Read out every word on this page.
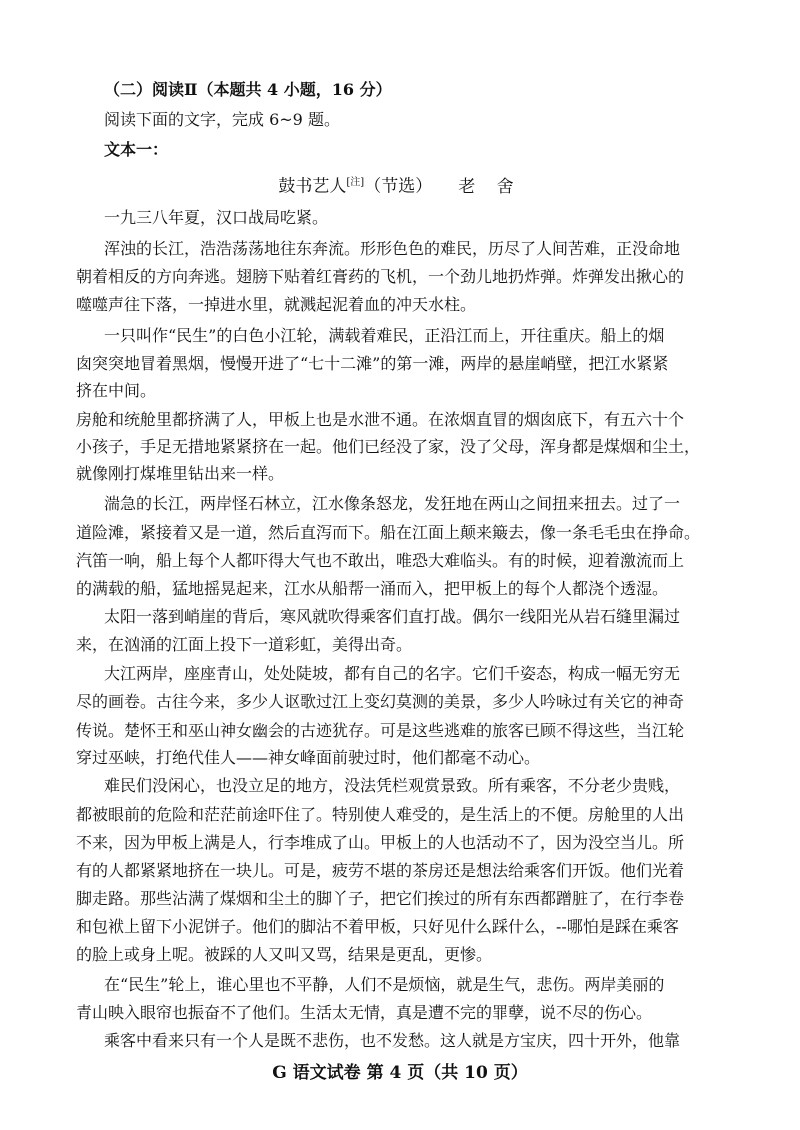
（二）阅读Ⅱ（本题共 4 小题，16 分）
阅读下面的文字，完成 6~9 题。
文本一：
鼓书艺人[注]（节选） 老 舍
一九三八年夏，汉口战局吃紧。
浑浊的长江，浩浩荡荡地往东奔流。形形色色的难民，历尽了人间苦难，正没命地
朝着相反的方向奔逃。翅膀下贴着红膏药的飞机，一个劲儿地扔炸弹。炸弹发出揪心的
噬噬声往下落，一掉进水里，就溅起泥着血的冲天水柱。
一只叫作“民生”的白色小江轮，满载着难民，正沿江而上，开往重庆。船上的烟
囱突突地冒着黑烟，慢慢开进了“七十二滩”的第一滩，两岸的悬崖峭壁，把江水紧紧
挤在中间。
房舱和统舱里都挤满了人，甲板上也是水泄不通。在浓烟直冒的烟囱底下，有五六十个
小孩子，手足无措地紧紧挤在一起。他们已经没了家，没了父母，浑身都是煤烟和尘土，
就像刚打煤堆里钻出来一样。
湍急的长江，两岸怪石林立，江水像条怒龙，发狂地在两山之间扭来扭去。过了一
道险滩，紧接着又是一道，然后直泻而下。船在江面上颠来簸去，像一条毛毛虫在挣命。
汽笛一响，船上每个人都吓得大气也不敢出，唯恐大难临头。有的时候，迎着激流而上
的满载的船，猛地摇晃起来，江水从船帮一涌而入，把甲板上的每个人都浇个透湿。
太阳一落到峭崖的背后，寒风就吹得乘客们直打战。偶尔一线阳光从岩石缝里漏过
来，在汹涌的江面上投下一道彩虹，美得出奇。
大江两岸，座座青山，处处陡坡，都有自己的名字。它们千姿态，构成一幅无穷无
尽的画卷。古往今来，多少人讴歌过江上变幻莫测的美景，多少人吟咏过有关它的神奇
传说。楚怀王和巫山神女幽会的古迹犹存。可是这些逃难的旅客已顾不得这些，当江轮
穿过巫峡，打绝代佳人——神女峰面前驶过时，他们都毫不动心。
难民们没闲心，也没立足的地方，没法凭栏观赏景致。所有乘客，不分老少贵贱，
都被眼前的危险和茫茫前途吓住了。特别使人难受的，是生活上的不便。房舱里的人出
不来，因为甲板上满是人，行李堆成了山。甲板上的人也活动不了，因为没空当儿。所
有的人都紧紧地挤在一块儿。可是，疲劳不堪的茶房还是想法给乘客们开饭。他们光着
脚走路。那些沾满了煤烟和尘土的脚丫子，把它们挨过的所有东西都蹭脏了，在行李卷
和包袱上留下小泥饼子。他们的脚沾不着甲板，只好见什么踩什么，--哪怕是踩在乘客
的脸上或身上呢。被踩的人又叫又骂，结果是更乱，更惨。
在“民生”轮上，谁心里也不平静，人们不是烦恼，就是生气，悲伤。两岸美丽的
青山映入眼帘也振奋不了他们。生活太无情，真是遭不完的罪孽，说不尽的伤心。
乘客中看来只有一个人是既不悲伤，也不发愁。这人就是方宝庆，四十开外，他靠
G 语文试卷 第 4 页（共 10 页）
